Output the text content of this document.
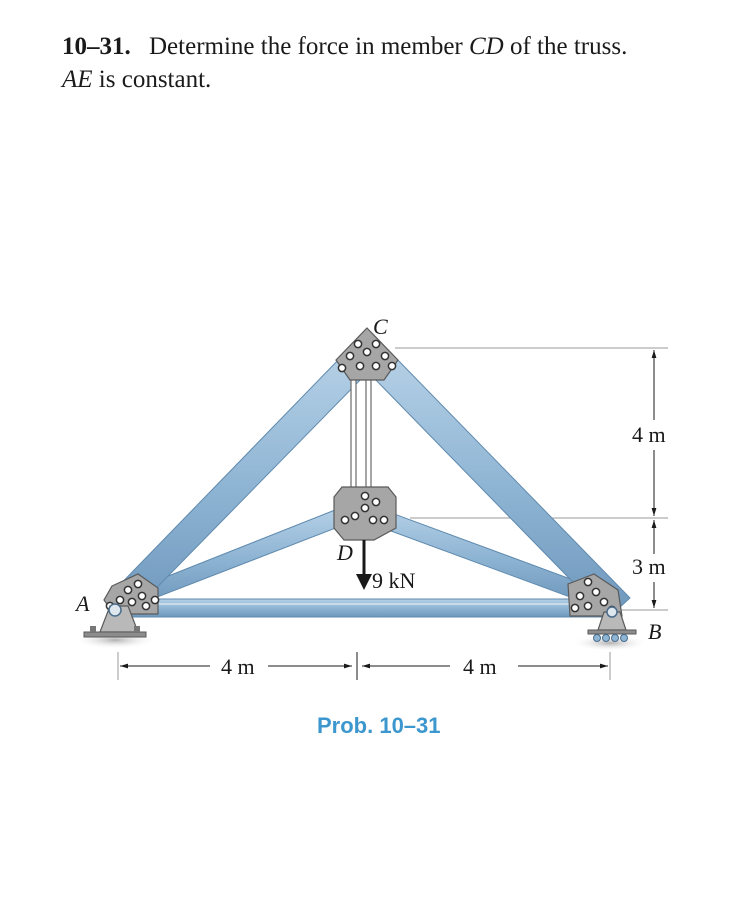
10–31. Determine the force in member CD of the truss.
AE is constant.
C
D
A
B
9 kN
4 m
3 m
4 m	4 m
Prob. 10–31
